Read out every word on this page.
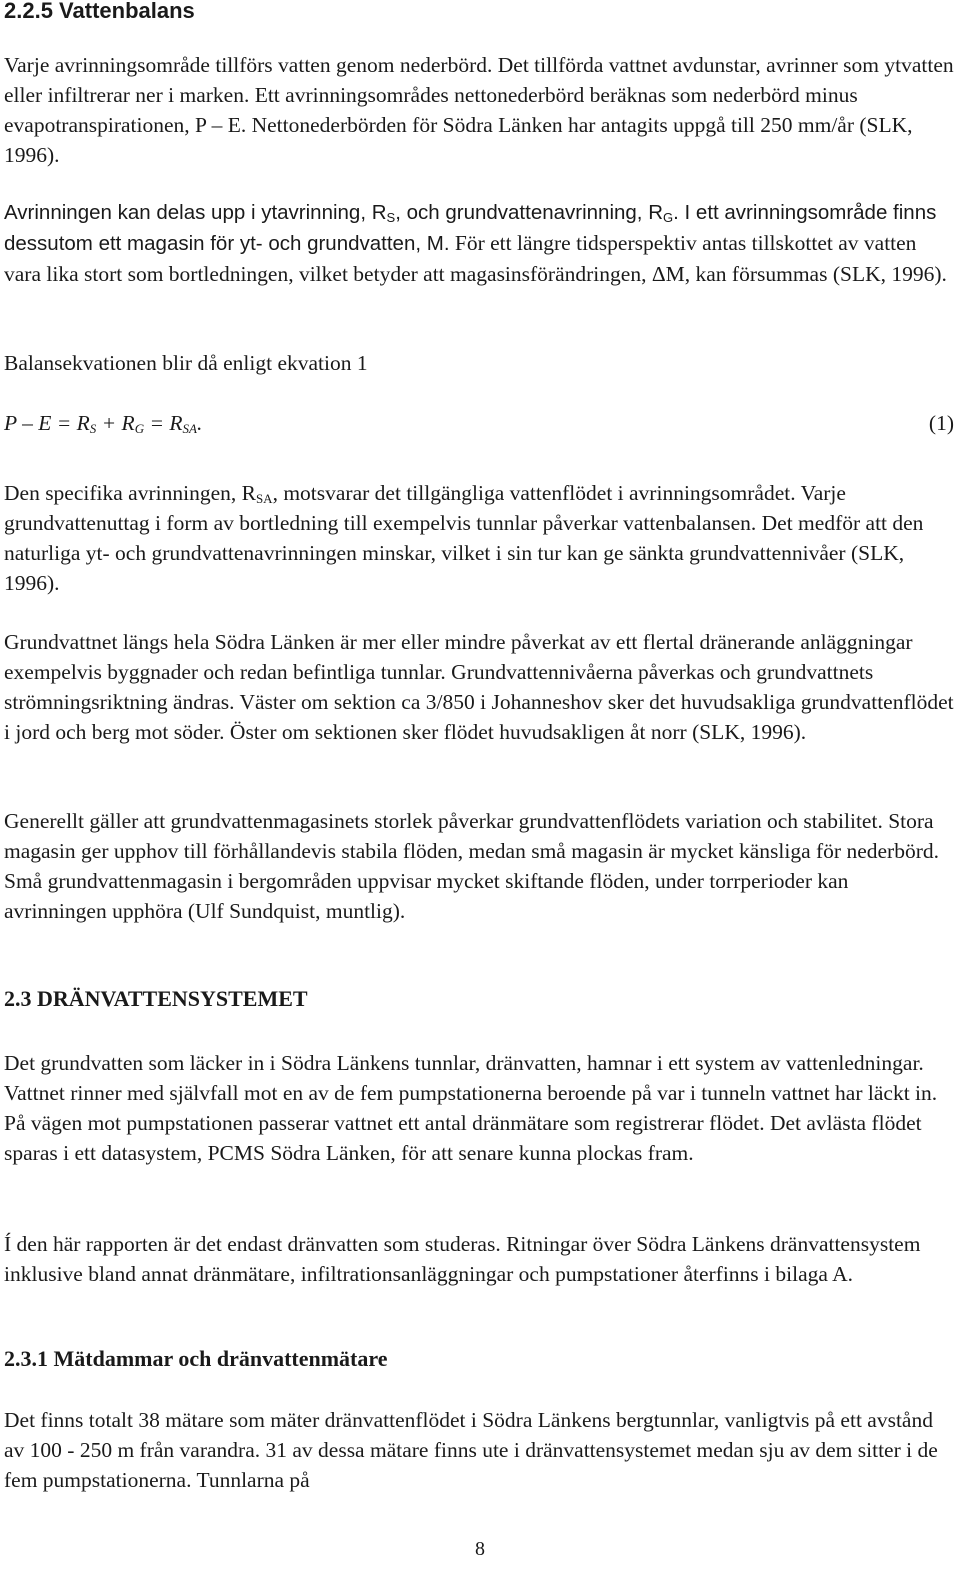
2.2.5 Vattenbalans

Varje avrinningsområde tillförs vatten genom nederbörd. Det tillförda vattnet avdunstar, avrinner som ytvatten eller infiltrerar ner i marken. Ett avrinningsområdes nettonederbörd beräknas som nederbörd minus evapotranspirationen, P – E. Nettonederbörden för Södra Länken har antagits uppgå till 250 mm/år (SLK, 1996).

Avrinningen kan delas upp i ytavrinning, $R_S$, och grundvattenavrinning, $R_G$. I ett avrinningsområde finns dessutom ett magasin för yt- och grundvatten, M. För ett längre tidsperspektiv antas tillskottet av vatten vara lika stort som bortledningen, vilket betyder att magasinsförändringen, ΔM, kan försummas (SLK, 1996).

Balansekvationen blir då enligt ekvation 1

$P - E = R_S + R_G = R_{SA}$.	(1)

Den specifika avrinningen, $R_{SA}$, motsvarar det tillgängliga vattenflödet i avrinningsområdet. Varje grundvattenuttag i form av bortledning till exempelvis tunnlar påverkar vattenbalansen. Det medför att den naturliga yt- och grundvattenavrinningen minskar, vilket i sin tur kan ge sänkta grundvattennivåer (SLK, 1996).

Grundvattnet längs hela Södra Länken är mer eller mindre påverkat av ett flertal dränerande anläggningar exempelvis byggnader och redan befintliga tunnlar. Grundvattennivåerna påverkas och grundvattnets strömningsriktning ändras. Väster om sektion ca 3/850 i Johanneshov sker det huvudsakliga grundvattenflödet i jord och berg mot söder. Öster om sektionen sker flödet huvudsakligen åt norr (SLK, 1996).

Generellt gäller att grundvattenmagasinets storlek påverkar grundvattenflödets variation och stabilitet. Stora magasin ger upphov till förhållandevis stabila flöden, medan små magasin är mycket känsliga för nederbörd. Små grundvattenmagasin i bergområden uppvisar mycket skiftande flöden, under torrperioder kan avrinningen upphöra (Ulf Sundquist, muntlig).

2.3 DRÄNVATTENSYSTEMET

Det grundvatten som läcker in i Södra Länkens tunnlar, dränvatten, hamnar i ett system av vattenledningar. Vattnet rinner med självfall mot en av de fem pumpstationerna beroende på var i tunneln vattnet har läckt in. På vägen mot pumpstationen passerar vattnet ett antal dränmätare som registrerar flödet. Det avlästa flödet sparas i ett datasystem, PCMS Södra Länken, för att senare kunna plockas fram.

Í den här rapporten är det endast dränvatten som studeras. Ritningar över Södra Länkens dränvattensystem inklusive bland annat dränmätare, infiltrationsanläggningar och pumpstationer återfinns i bilaga A.

2.3.1 Mätdammar och dränvattenmätare

Det finns totalt 38 mätare som mäter dränvattenflödet i Södra Länkens bergtunnlar, vanligtvis på ett avstånd av 100 - 250 m från varandra. 31 av dessa mätare finns ute i dränvattensystemet medan sju av dem sitter i de fem pumpstationerna. Tunnlarna på

8
